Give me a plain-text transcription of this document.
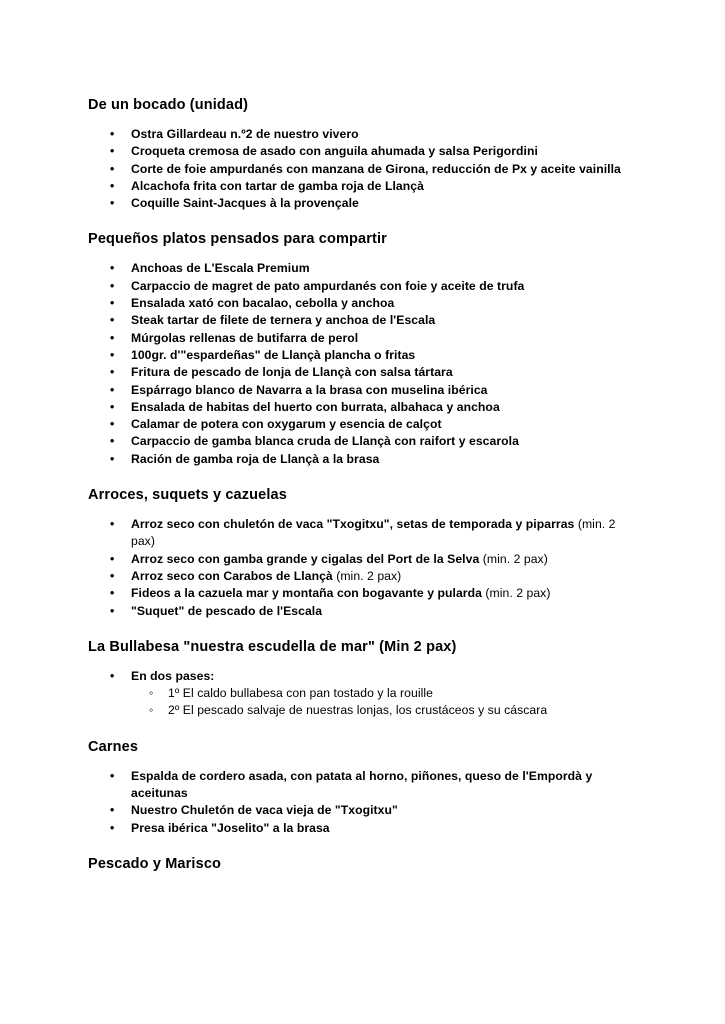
De un bocado (unidad)
• Ostra Gillardeau n.º2 de nuestro vivero
• Croqueta cremosa de asado con anguila ahumada y salsa Perigordini
• Corte de foie ampurdanés con manzana de Girona, reducción de Px y aceite vainilla
• Alcachofa frita con tartar de gamba roja de Llançà
• Coquille Saint-Jacques à la provençale
Pequeños platos pensados para compartir
• Anchoas de L'Escala Premium
• Carpaccio de magret de pato ampurdanés con foie y aceite de trufa
• Ensalada xató con bacalao, cebolla y anchoa
• Steak tartar de filete de ternera y anchoa de l'Escala
• Múrgolas rellenas de butifarra de perol
• 100gr. d'"espardeñas" de Llançà plancha o fritas
• Fritura de pescado de lonja de Llançà con salsa tártara
• Espárrago blanco de Navarra a la brasa con muselina ibérica
• Ensalada de habitas del huerto con burrata, albahaca y anchoa
• Calamar de potera con oxygarum y esencia de calçot
• Carpaccio de gamba blanca cruda de Llançà con raifort y escarola
• Ración de gamba roja de Llançà a la brasa
Arroces, suquets y cazuelas
• Arroz seco con chuletón de vaca "Txogitxu", setas de temporada y piparras (min. 2 pax)
• Arroz seco con gamba grande y cigalas del Port de la Selva (min. 2 pax)
• Arroz seco con Carabos de Llançà (min. 2 pax)
• Fideos a la cazuela mar y montaña con bogavante y pularda (min. 2 pax)
• "Suquet" de pescado de l'Escala
La Bullabesa "nuestra escudella de mar" (Min 2 pax)
• En dos pases:
◦ 1º El caldo bullabesa con pan tostado y la rouille
◦ 2º El pescado salvaje de nuestras lonjas, los crustáceos y su cáscara
Carnes
• Espalda de cordero asada, con patata al horno, piñones, queso de l'Empordà y aceitunas
• Nuestro Chuletón de vaca vieja de "Txogitxu"
• Presa ibérica "Joselito" a la brasa
Pescado y Marisco
